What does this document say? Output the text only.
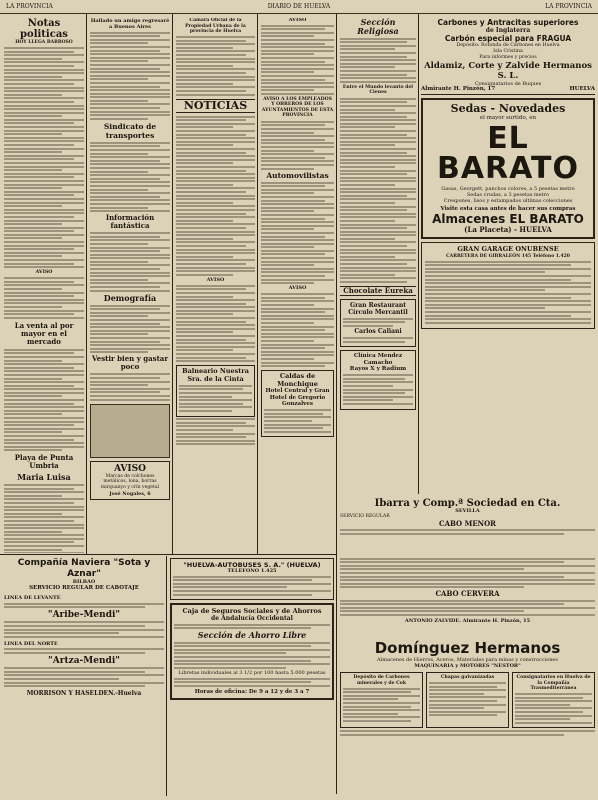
LA PROVINCIA	DIARIO DE HUELVA	LA PROVINCIA
Notas politicas
HOY LLEGA BARROSO
AVISO
La venta al por mayor en el mercado
Playa de Punta Umbria
Maria Luisa
Hallado un amigo regresaré a Buenos Aires
Sindicato de transportes
Información fantástica
Demografía
Vestir bien y gastar poco
AVISO
Marcas de colchones metálicos, lona, borras mirquanyo y crin vegetal
José Nogales, 6
Cámara Oficial de la Propiedad Urbana de la provincia de Huelva
NOTICIAS
AVISO
Balneario Nuestra Sra. de la Cinta
AVISO
AVISO A LOS EMPLEADOS Y OBREROS DE LOS AYUNTAMIENTOS DE ESTA PROVINCIA
Automovilistas
AVISO
Caldas de Monchique
Hotel Central y Gran Hotel de Gregorio Gonzalves
Sección Religiosa
Entre el Mundo levanto del Cienes
Chocolate Eureka
Gran Restaurant Círculo Mercantil
Carlos Caliani
Clínica Mendez Camacho
Rayos X y Radium
Carbones y Antracitas superiores
de Inglaterra
Carbón especial para FRAGUA
Depósito: Rotonda de Carbones en Huelva
Isla Cristina
Para informes y precios
Aldamiz, Corte y Zalvide Hermanos S. L.
Consignatarios de Buques
Almirante H. Pinzón, 17	HUELVA
Sedas - Novedades
el mayor surtido, en
EL BARATO
Gasas, Georgett, panchos colores, a 5 pesetas metro
Sedas crudas, a 3 pesetas metro
Crespones, lisos y estampados ultimas colecciones
Visite esta casa antes de hacer sus compras
Almacenes EL BARATO
(La Placeta) - HUELVA
GRAN GARAGE ONUBENSE
CARRETERA DE GIBRALEÓN 145 Teléfono 1.420
Ibarra y Comp.ª Sociedad en Cta.
SEVILLA
SERVICIO REGULAR
CABO MENOR
CABO CERVERA
ANTONIO ZALVIDE. Almirante H. Pinzón, 15
Compañía Naviera "Sota y Aznar"
BILBAO
SERVICIO REGULAR DE CABOTAJE
LINEA DE LEVANTE
"Aribe-Mendi"
LINEA DEL NORTE
"Artza-Mendi"
MORRISON Y HASELDEN.-Huelva
"HUELVA-AUTOBUSES S. A." (HUELVA)
TELEFONO 1.425
Caja de Seguros Sociales y de Ahorros
de Andalucía Occidental
Sección de Ahorro Libre
Libretas individuales al 3 1/2 por 100 hasta 5.000 pesetas
Horas de oficina: De 9 a 12 y de 3 a 7
Domínguez Hermanos
Almacenes de Hierros, Aceros, Materiales para minas y construcciones
MAQUINARIA y MOTORES "NESTOR"
Depósito de Carbones minerales y de Cok
Chapas galvanizadas	Consignatarios en Huelva de la Compañía Trasmediterránea
